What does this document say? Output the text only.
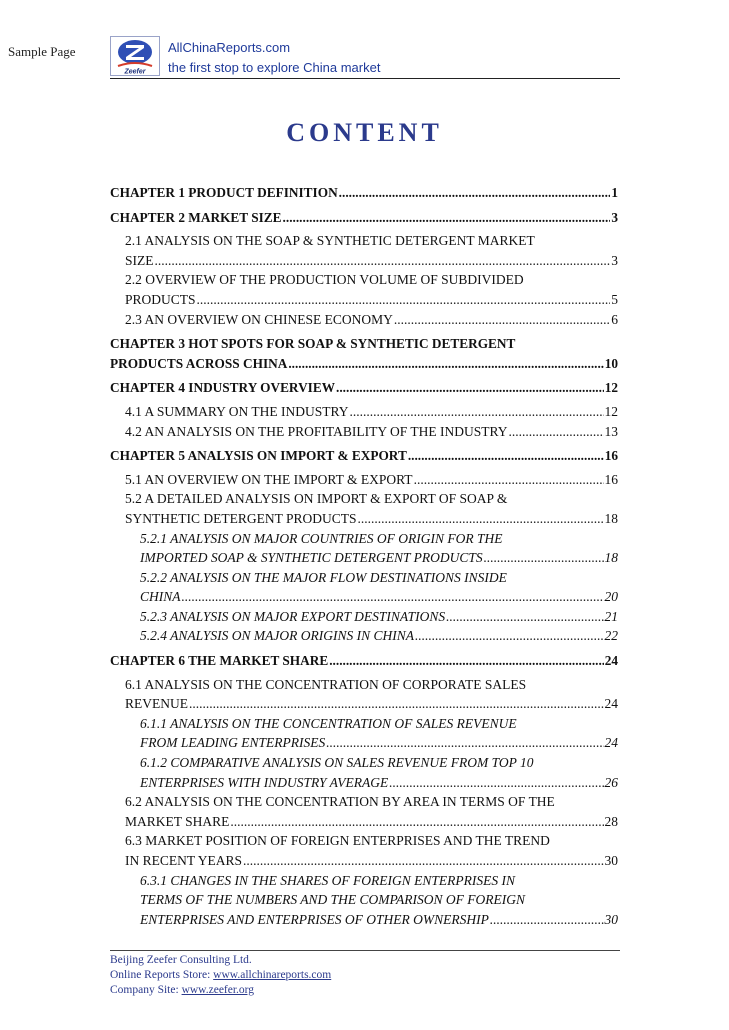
Sample Page
Zeefer
AllChinaReports.com
the first stop to explore China market
CONTENT
CHAPTER 1 PRODUCT DEFINITION .....	1
CHAPTER 2 MARKET SIZE .....	3
2.1 ANALYSIS ON THE SOAP & SYNTHETIC DETERGENT MARKET
SIZE .....	3
2.2 OVERVIEW OF THE PRODUCTION VOLUME OF SUBDIVIDED
PRODUCTS .....	5
2.3 AN OVERVIEW ON CHINESE ECONOMY .....	6
CHAPTER 3 HOT SPOTS FOR SOAP & SYNTHETIC DETERGENT
PRODUCTS ACROSS CHINA .....	10
CHAPTER 4 INDUSTRY OVERVIEW .....	12
4.1 A SUMMARY ON THE INDUSTRY .....	12
4.2 AN ANALYSIS ON THE PROFITABILITY OF THE INDUSTRY .....	13
CHAPTER 5 ANALYSIS ON IMPORT & EXPORT .....	16
5.1 AN OVERVIEW ON THE IMPORT & EXPORT .....	16
5.2 A DETAILED ANALYSIS ON IMPORT & EXPORT OF SOAP &
SYNTHETIC DETERGENT PRODUCTS .....	18
5.2.1 ANALYSIS ON MAJOR COUNTRIES OF ORIGIN FOR THE
IMPORTED SOAP & SYNTHETIC DETERGENT PRODUCTS .....	18
5.2.2 ANALYSIS ON THE MAJOR FLOW DESTINATIONS INSIDE
CHINA .....	20
5.2.3 ANALYSIS ON MAJOR EXPORT DESTINATIONS .....	21
5.2.4 ANALYSIS ON MAJOR ORIGINS IN CHINA .....	22
CHAPTER 6 THE MARKET SHARE .....	24
6.1 ANALYSIS ON THE CONCENTRATION OF CORPORATE SALES
REVENUE .....	24
6.1.1 ANALYSIS ON THE CONCENTRATION OF SALES REVENUE
FROM LEADING ENTERPRISES .....	24
6.1.2 COMPARATIVE ANALYSIS ON SALES REVENUE FROM TOP 10
ENTERPRISES WITH INDUSTRY AVERAGE .....	26
6.2 ANALYSIS ON THE CONCENTRATION BY AREA IN TERMS OF THE
MARKET SHARE .....	28
6.3 MARKET POSITION OF FOREIGN ENTERPRISES AND THE TREND
IN RECENT YEARS .....	30
6.3.1 CHANGES IN THE SHARES OF FOREIGN ENTERPRISES IN
TERMS OF THE NUMBERS AND THE COMPARISON OF FOREIGN
ENTERPRISES AND ENTERPRISES OF OTHER OWNERSHIP .....	30
Beijing Zeefer Consulting Ltd.
Online Reports Store: www.allchinareports.com
Company Site: www.zeefer.org
